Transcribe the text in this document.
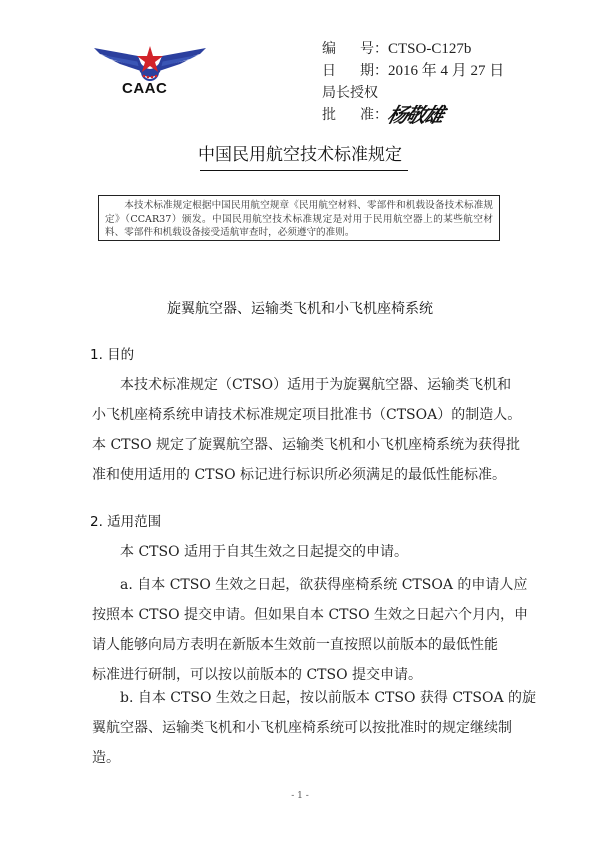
CAAC
编 号 ： CTSO-C127b
日 期 ： 2016 年 4 月 27 日
局长授权
批 准 ：
杨敬雄
中国民用航空技术标准规定

本技术标准规定根据中国民用航空规章《民用航空材料、零部件和机载设备技术标准规定》（CCAR37）颁发。中国民用航空技术标准规定是对用于民用航空器上的某些航空材料、零部件和机载设备接受适航审查时，必须遵守的准则。

旋翼航空器、运输类飞机和小飞机座椅系统
1. 目的
本技术标准规定（CTSO）适用于为旋翼航空器、运输类飞机和
小飞机座椅系统申请技术标准规定项目批准书（CTSOA）的制造人。
本 CTSO 规定了旋翼航空器、运输类飞机和小飞机座椅系统为获得批
准和使用适用的 CTSO 标记进行标识所必须满足的最低性能标准。
2. 适用范围
本 CTSO 适用于自其生效之日起提交的申请。
a. 自本 CTSO 生效之日起，欲获得座椅系统 CTSOA 的申请人应
按照本 CTSO 提交申请。但如果自本 CTSO 生效之日起六个月内，申
请人能够向局方表明在新版本生效前一直按照以前版本的最低性能
标准进行研制，可以按以前版本的 CTSO 提交申请。
b. 自本 CTSO 生效之日起，按以前版本 CTSO 获得 CTSOA 的旋
翼航空器、运输类飞机和小飞机座椅系统可以按批准时的规定继续制
造。
- 1 -
